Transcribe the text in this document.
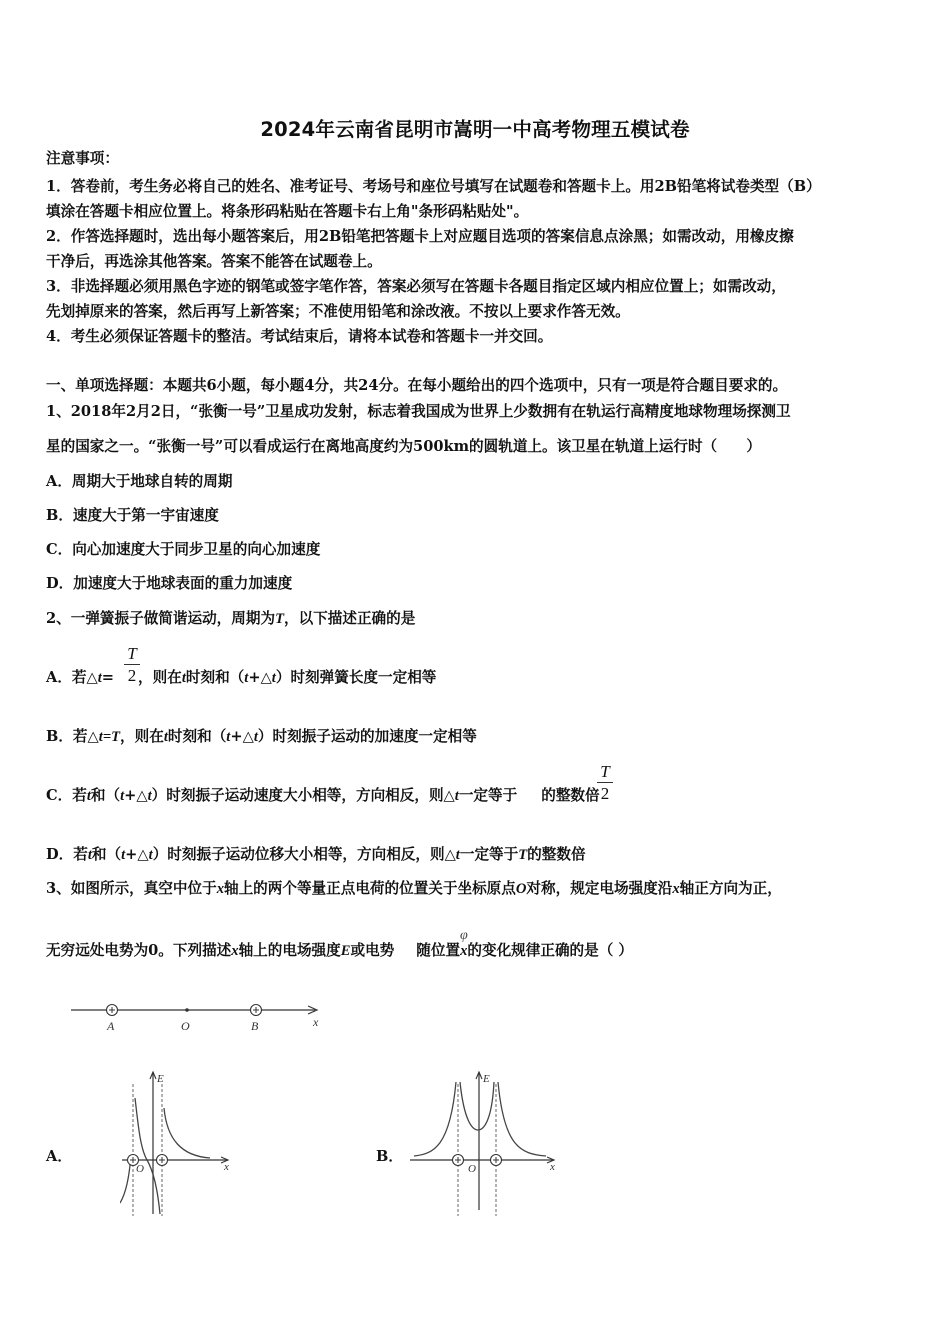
2024年云南省昆明市嵩明一中高考物理五模试卷
注意事项：
1．答卷前，考生务必将自己的姓名、准考证号、考场号和座位号填写在试题卷和答题卡上。用2B铅笔将试卷类型（B）
填涂在答题卡相应位置上。将条形码粘贴在答题卡右上角"条形码粘贴处"。
2．作答选择题时，选出每小题答案后，用2B铅笔把答题卡上对应题目选项的答案信息点涂黑；如需改动，用橡皮擦
干净后，再选涂其他答案。答案不能答在试题卷上。
3．非选择题必须用黑色字迹的钢笔或签字笔作答，答案必须写在答题卡各题目指定区域内相应位置上；如需改动，
先划掉原来的答案，然后再写上新答案；不准使用铅笔和涂改液。不按以上要求作答无效。
4．考生必须保证答题卡的整洁。考试结束后，请将本试卷和答题卡一并交回。
一、单项选择题：本题共6小题，每小题4分，共24分。在每小题给出的四个选项中，只有一项是符合题目要求的。
1、2018年2月2日，“张衡一号”卫星成功发射，标志着我国成为世界上少数拥有在轨运行高精度地球物理场探测卫
星的国家之一。“张衡一号”可以看成运行在离地高度约为500km的圆轨道上。该卫星在轨道上运行时（　　）
A．周期大于地球自转的周期
B．速度大于第一宇宙速度
C．向心加速度大于同步卫星的向心加速度
D．加速度大于地球表面的重力加速度
2、一弹簧振子做简谐运动，周期为T，以下描述正确的是
A．若△t= ，则在t时刻和（t+△t）时刻弹簧长度一定相等
T
2
B．若△t=T，则在t时刻和（t+△t）时刻振子运动的加速度一定相等
C．若t和（t+△t）时刻振子运动速度大小相等，方向相反，则△t一定等于 的整数倍
T
2
D．若t和（t+△t）时刻振子运动位移大小相等，方向相反，则△t一定等于T的整数倍
3、如图所示，真空中位于x轴上的两个等量正点电荷的位置关于坐标原点O对称，规定电场强度沿x轴正方向为正，
无穷远处电势为0。下列描述x轴上的电场强度E或电势 随位置x的变化规律正确的是（ ）
φ
A	O	B	x
A．
E
O	x
B．
E
O	x
